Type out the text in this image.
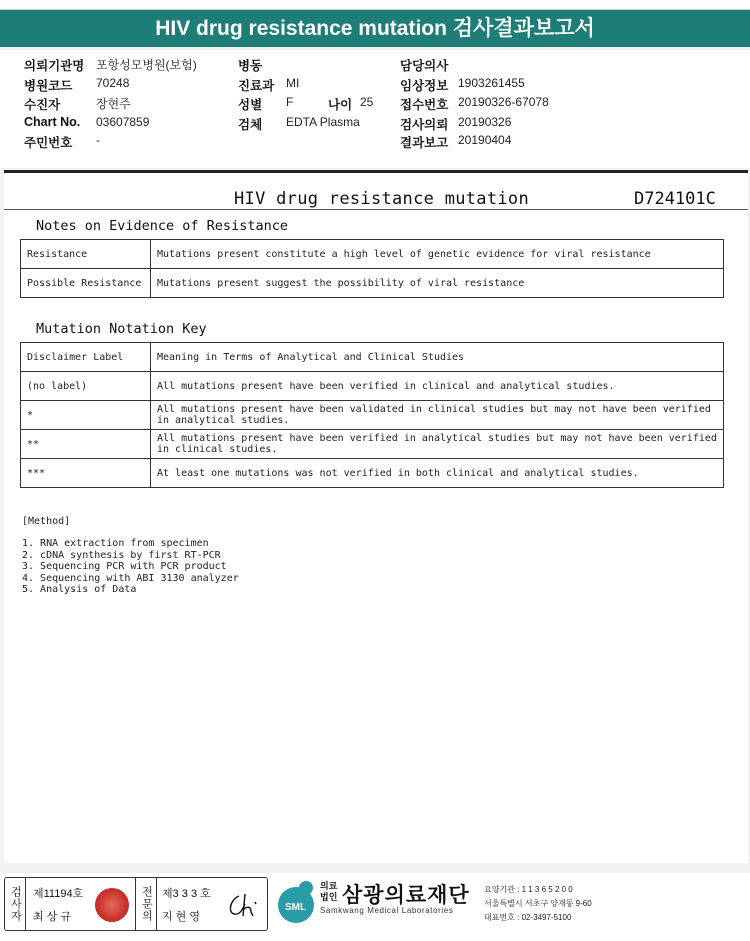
HIV drug resistance mutation 검사결과보고서
의뢰기관명 포항성모병원(보험)	병동	담당의사
병원코드 70248	진료과 MI	임상정보 1903261455
수진자	장현주	성별 F	나이 25 접수번호 20190326-67078
Chart No. 03607859	검체 EDTA Plasma	검사의뢰 20190326
주민번호 -	결과보고 20190404
HIV drug resistance mutation	D724101C
Notes on Evidence of Resistance
Resistance	Mutations present constitute a high level of genetic evidence for viral resistance
Possible Resistance	Mutations present suggest the possibility of viral resistance
Mutation Notation Key
Disclaimer Label	Meaning in Terms of Analytical and Clinical Studies
(no label)	All mutations present have been verified in clinical and analytical studies.
*	All mutations present have been validated in clinical studies but may not have been verified in analytical studies.
**	All mutations present have been verified in analytical studies but may not have been verified in clinical studies.
***	At least one mutations was not verified in both clinical and analytical studies.
[Method]
1. RNA extraction from specimen
2. cDNA synthesis by first RT-PCR
3. Sequencing PCR with PCR product
4. Sequencing with ABI 3130 analyzer
5. Analysis of Data
검사자 제11194호
최 상 규	전문의 제3 3 3 호
지 현 영
SML
의료
법인 삼광의료재단
Samkwang Medical Laboratories
요양기관 : 1 1 3 6 5 2 0 0
서울특별시 서초구 양재동 9-60
대표번호 : 02-3497-5100
